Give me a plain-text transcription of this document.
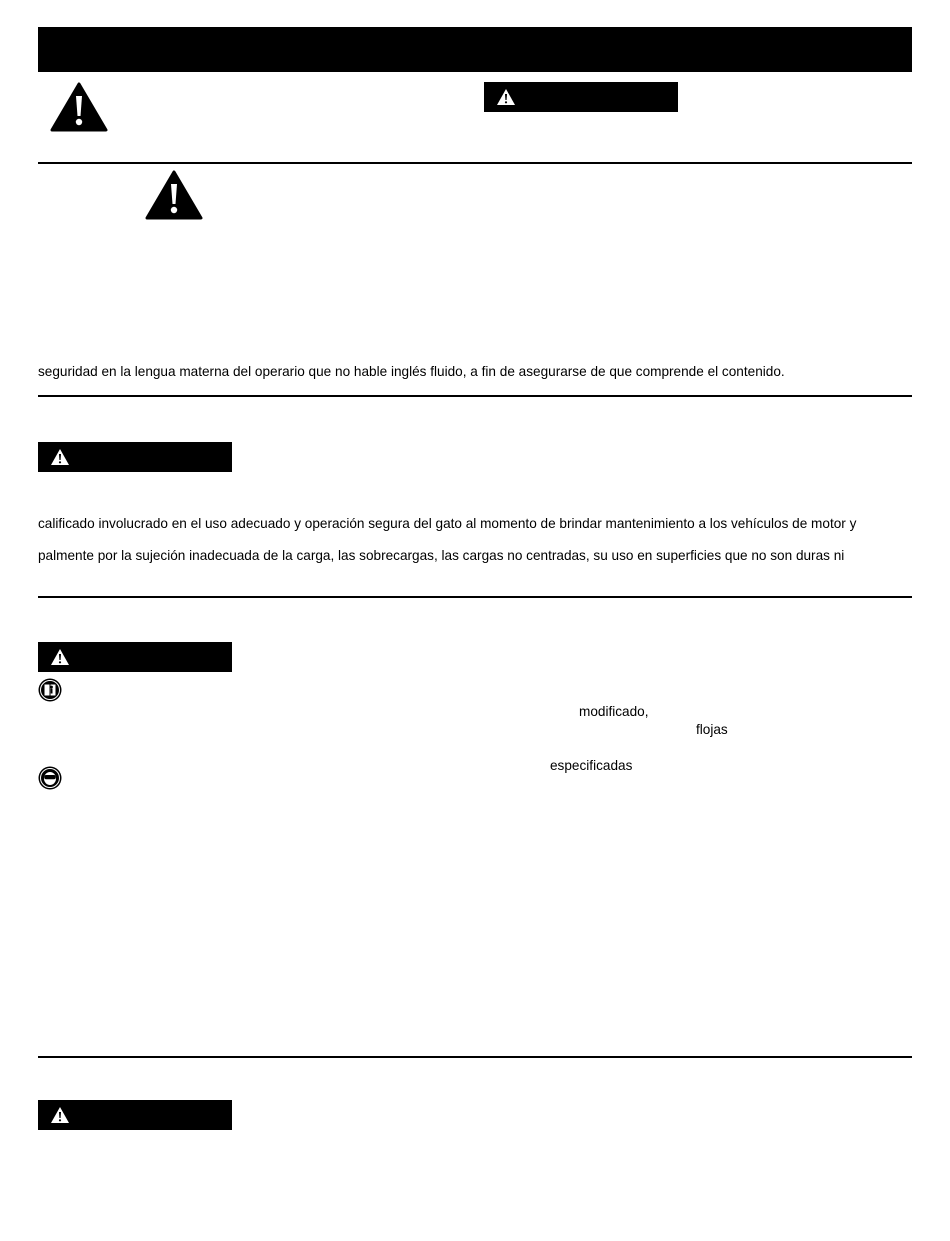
seguridad en la lengua materna del operario que no hable inglés fluido, a fin de asegurarse de que comprende el contenido.
calificado involucrado en el uso adecuado y operación segura del gato al momento de brindar mantenimiento a los vehículos de motor y
palmente por la sujeción inadecuada de la carga, las sobrecargas, las cargas no centradas, su uso en superficies que no son duras ni
modificado,
flojas
especificadas
